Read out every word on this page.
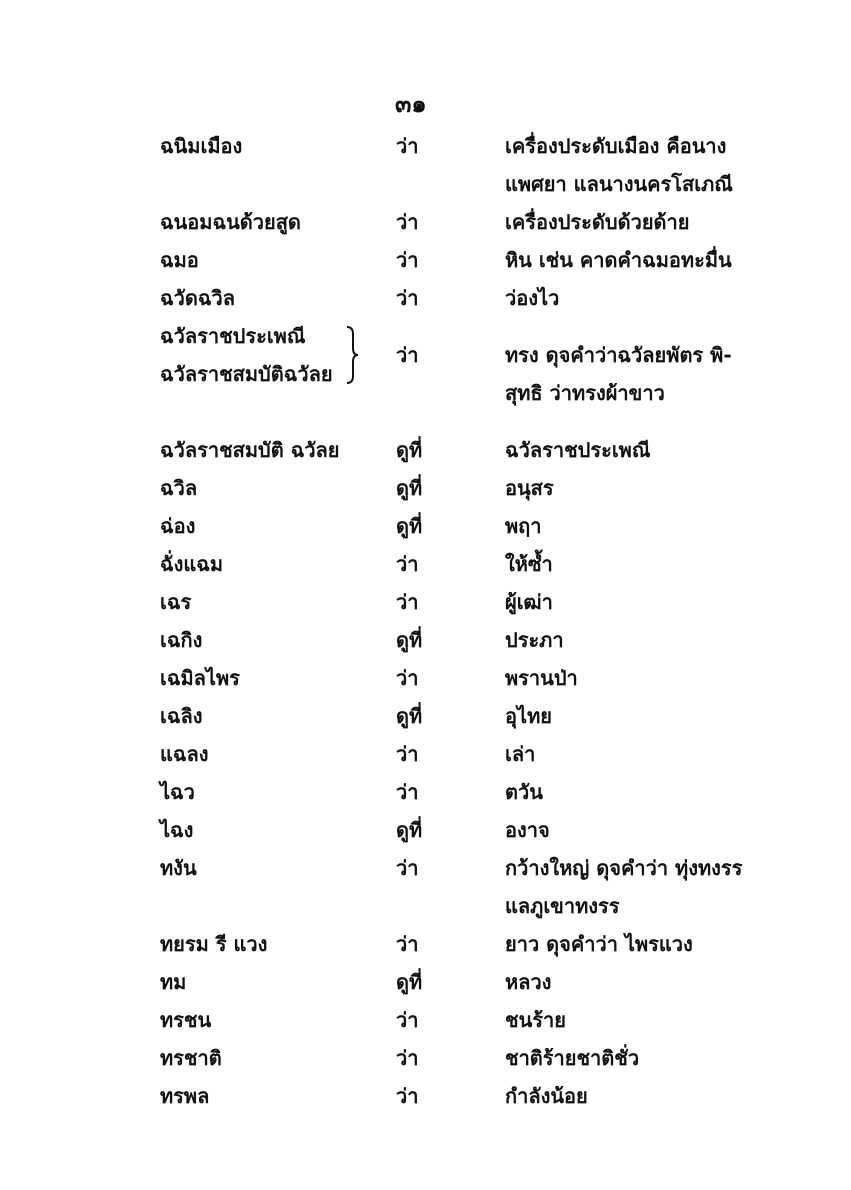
๓๑
ฉนิมเมือง	ว่า	เครื่องประดับเมือง คือนาง
แพศยา แลนางนครโสเภณี
ฉนอมฉนด้วยสูด	ว่า	เครื่องประดับด้วยด้าย
ฉมอ	ว่า	หิน เช่น คาดคำฉมอทะมื่น
ฉวัดฉวิล	ว่า	ว่องไว
ฉวัลราชประเพณี
ฉวัลราชสมบัติฉวัลย
ว่า	ทรง ดุจคำว่าฉวัลยพัตร พิ-
สุทธิ ว่าทรงผ้าขาว
ฉวัลราชสมบัติ ฉวัลย	ดูที่	ฉวัลราชประเพณี
ฉวิล	ดูที่	อนุสร
ฉ่อง	ดูที่	พฤา
ฉั่งแฉม	ว่า	ให้ซ้ำ
เฉร	ว่า	ผู้เฒ่า
เฉกิง	ดูที่	ประภา
เฉมิลไพร	ว่า	พรานป่า
เฉลิง	ดูที่	อุไทย
แฉลง	ว่า	เล่า
ไฉว	ว่า	ตวัน
ไฉง	ดูที่	องาจ
ทงัน	ว่า	กว้างใหญ่ ดุจคำว่า ทุ่งทงรร
แลภูเขาทงรร
ทยรม รี แวง	ว่า	ยาว ดุจคำว่า ไพรแวง
ทม	ดูที่	หลวง
ทรชน	ว่า	ชนร้าย
ทรชาติ	ว่า	ชาติร้ายชาติชั่ว
ทรพล	ว่า	กำลังน้อย
